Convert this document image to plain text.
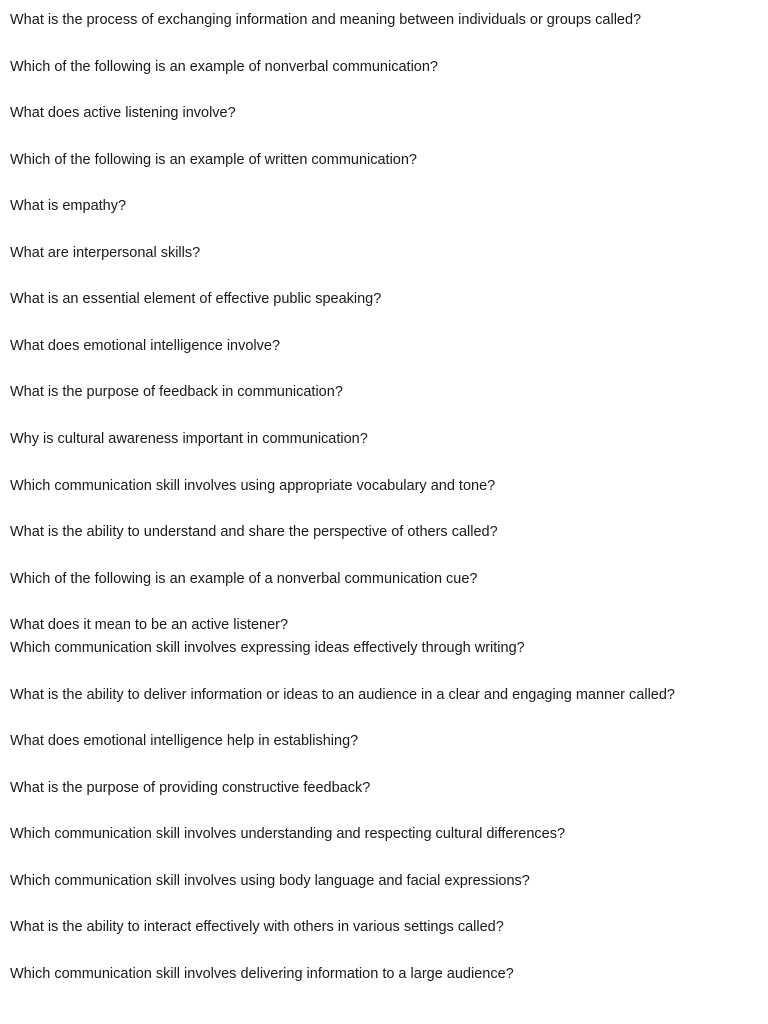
What is the process of exchanging information and meaning between individuals or groups called?

Which of the following is an example of nonverbal communication?

What does active listening involve?

Which of the following is an example of written communication?

What is empathy?

What are interpersonal skills?

What is an essential element of effective public speaking?

What does emotional intelligence involve?

What is the purpose of feedback in communication?

Why is cultural awareness important in communication?

Which communication skill involves using appropriate vocabulary and tone?

What is the ability to understand and share the perspective of others called?

Which of the following is an example of a nonverbal communication cue?

What does it mean to be an active listener?

Which communication skill involves expressing ideas effectively through writing?

What is the ability to deliver information or ideas to an audience in a clear and engaging manner called?

What does emotional intelligence help in establishing?

What is the purpose of providing constructive feedback?

Which communication skill involves understanding and respecting cultural differences?

Which communication skill involves using body language and facial expressions?

What is the ability to interact effectively with others in various settings called?

Which communication skill involves delivering information to a large audience?
